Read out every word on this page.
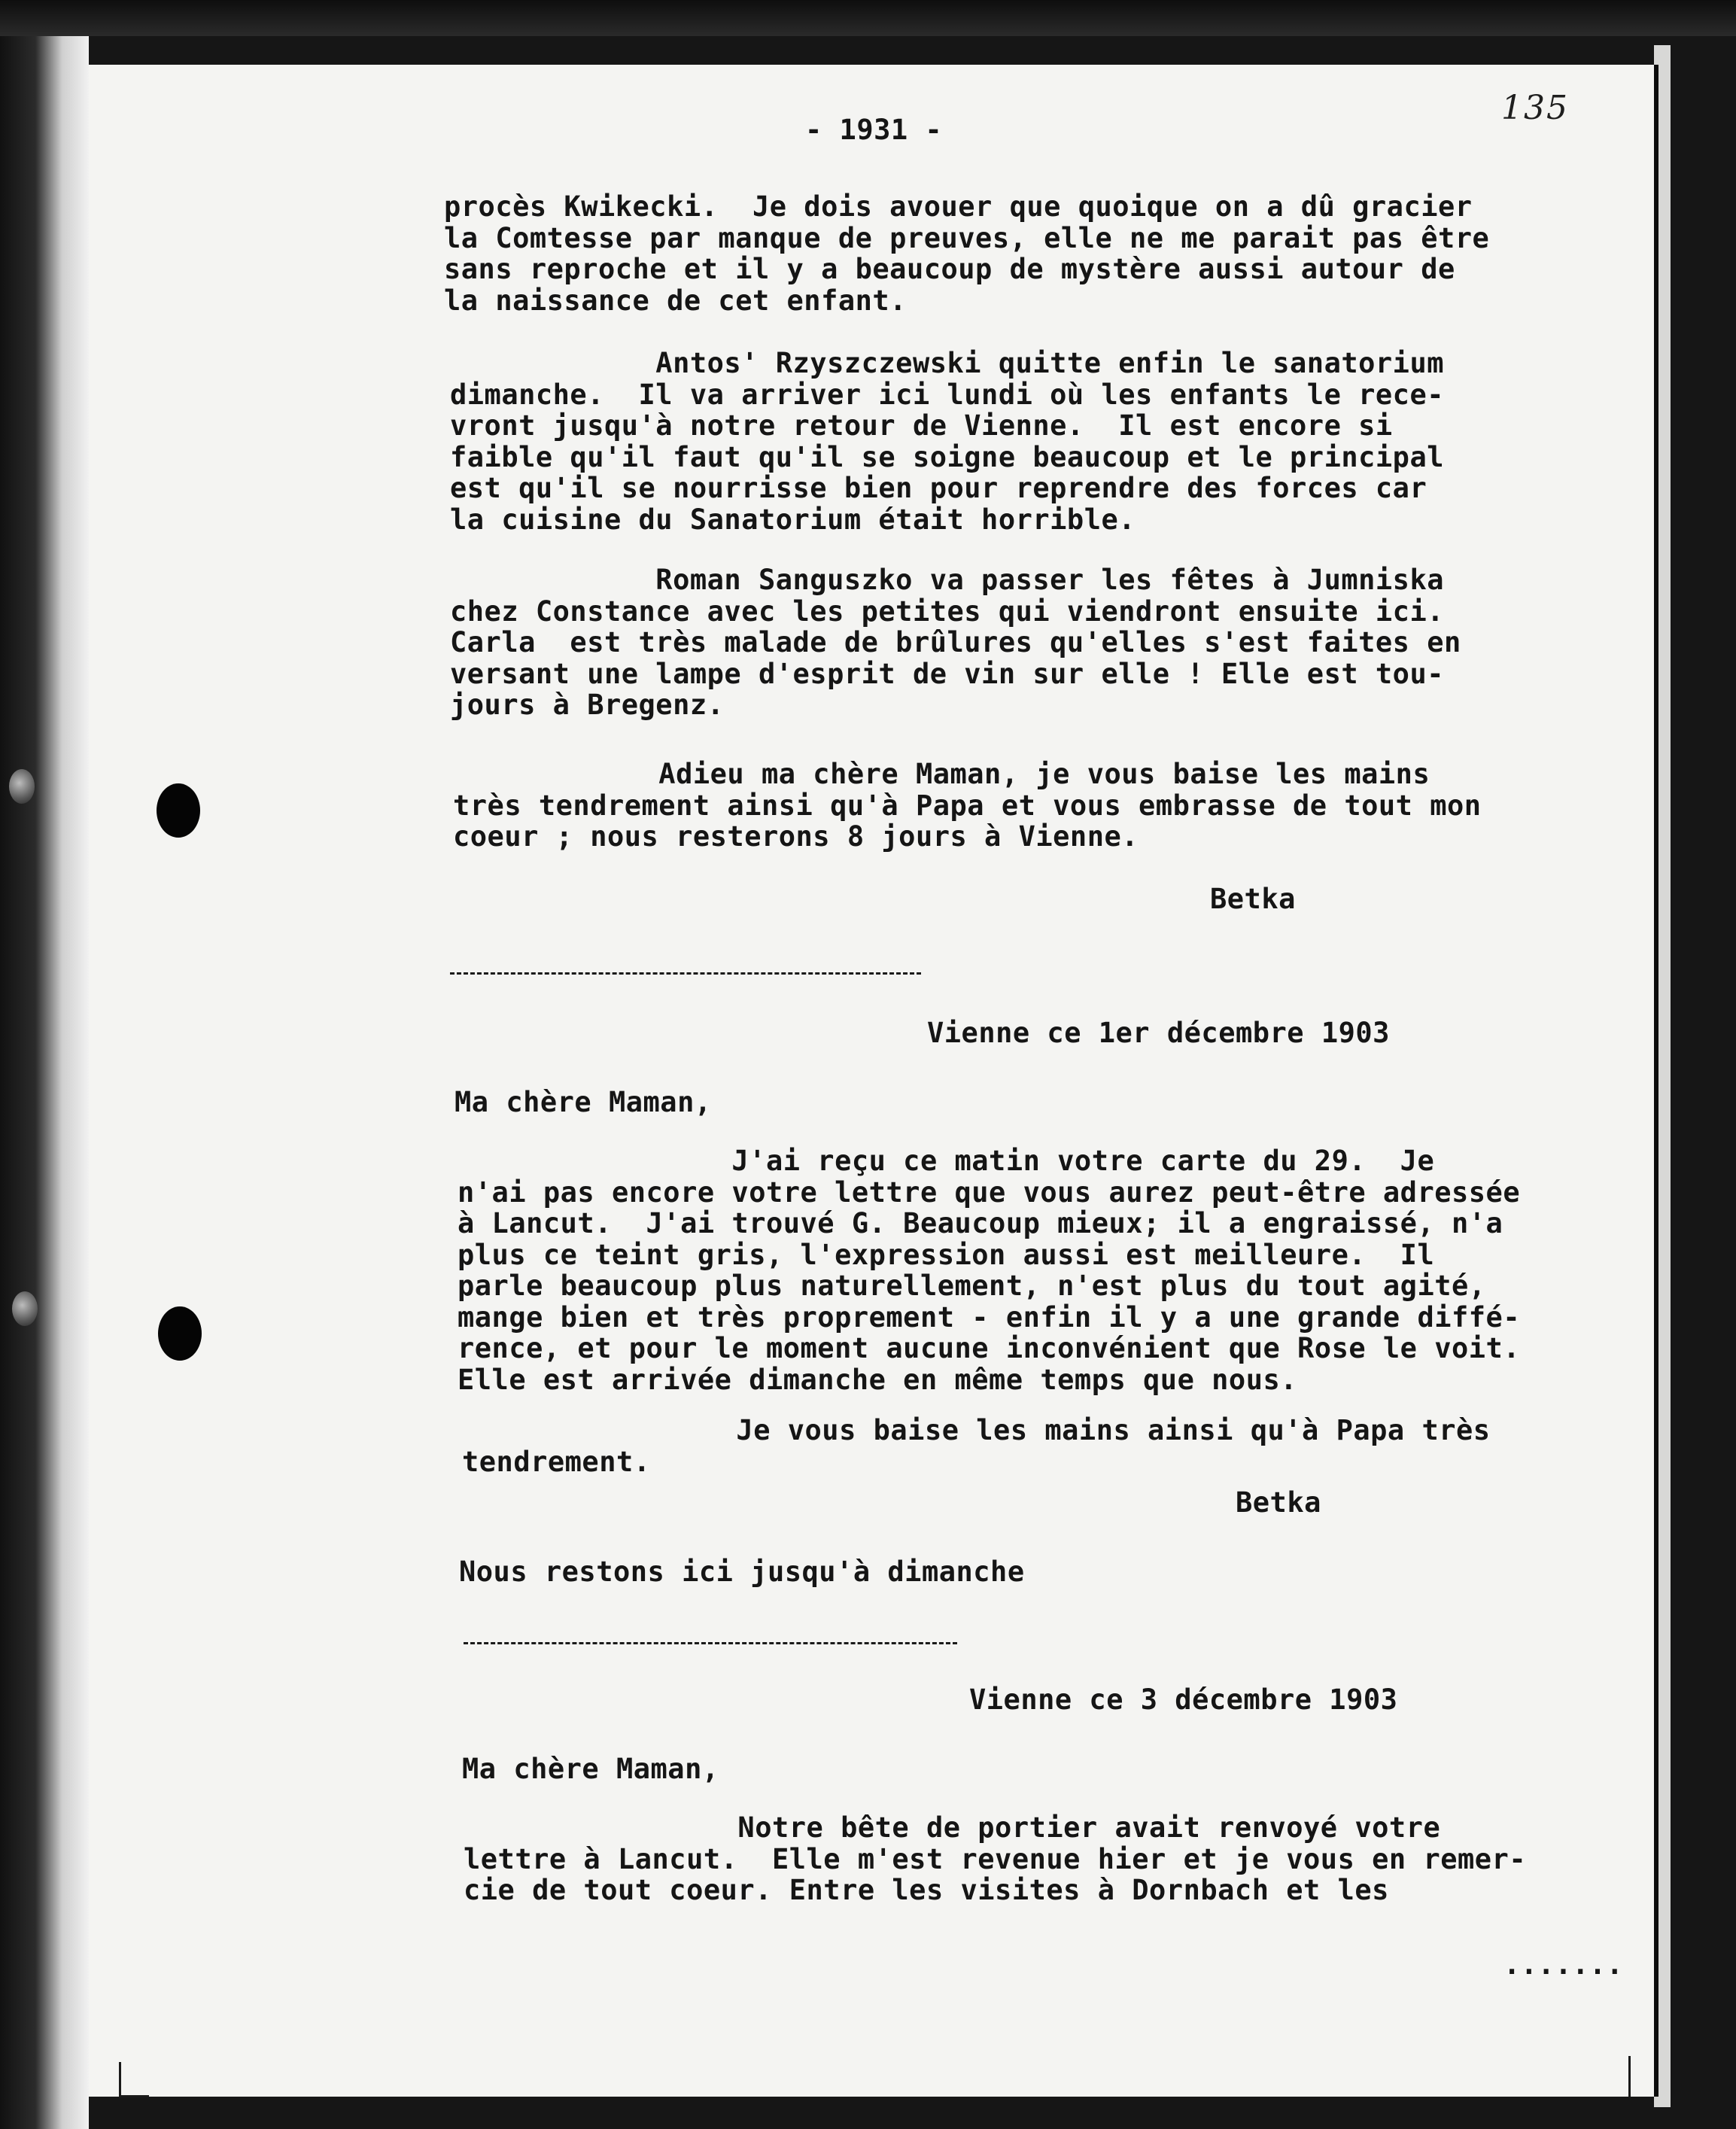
- 1931 -
135
procès Kwikecki.  Je dois avouer que quoique on a dû gracier
la Comtesse par manque de preuves, elle ne me parait pas être
sans reproche et il y a beaucoup de mystère aussi autour de
la naissance de cet enfant.
Antos' Rzyszczewski quitte enfin le sanatorium
dimanche.  Il va arriver ici lundi où les enfants le rece-
vront jusqu'à notre retour de Vienne.  Il est encore si
faible qu'il faut qu'il se soigne beaucoup et le principal
est qu'il se nourrisse bien pour reprendre des forces car
la cuisine du Sanatorium était horrible.
Roman Sanguszko va passer les fêtes à Jumniska
chez Constance avec les petites qui viendront ensuite ici.
Carla  est très malade de brûlures qu'elles s'est faites en
versant une lampe d'esprit de vin sur elle ! Elle est tou-
jours à Bregenz.
Adieu ma chère Maman, je vous baise les mains
très tendrement ainsi qu'à Papa et vous embrasse de tout mon
coeur ; nous resterons 8 jours à Vienne.
Betka
Vienne ce 1er décembre 1903
Ma chère Maman,
J'ai reçu ce matin votre carte du 29.  Je
n'ai pas encore votre lettre que vous aurez peut-être adressée
à Lancut.  J'ai trouvé G. Beaucoup mieux; il a engraissé, n'a
plus ce teint gris, l'expression aussi est meilleure.  Il
parle beaucoup plus naturellement, n'est plus du tout agité,
mange bien et très proprement - enfin il y a une grande diffé-
rence, et pour le moment aucune inconvénient que Rose le voit.
Elle est arrivée dimanche en même temps que nous.
Je vous baise les mains ainsi qu'à Papa très
tendrement.
Betka
Nous restons ici jusqu'à dimanche
Vienne ce 3 décembre 1903
Ma chère Maman,
Notre bête de portier avait renvoyé votre
lettre à Lancut.  Elle m'est revenue hier et je vous en remer-
cie de tout coeur. Entre les visites à Dornbach et les
.......
